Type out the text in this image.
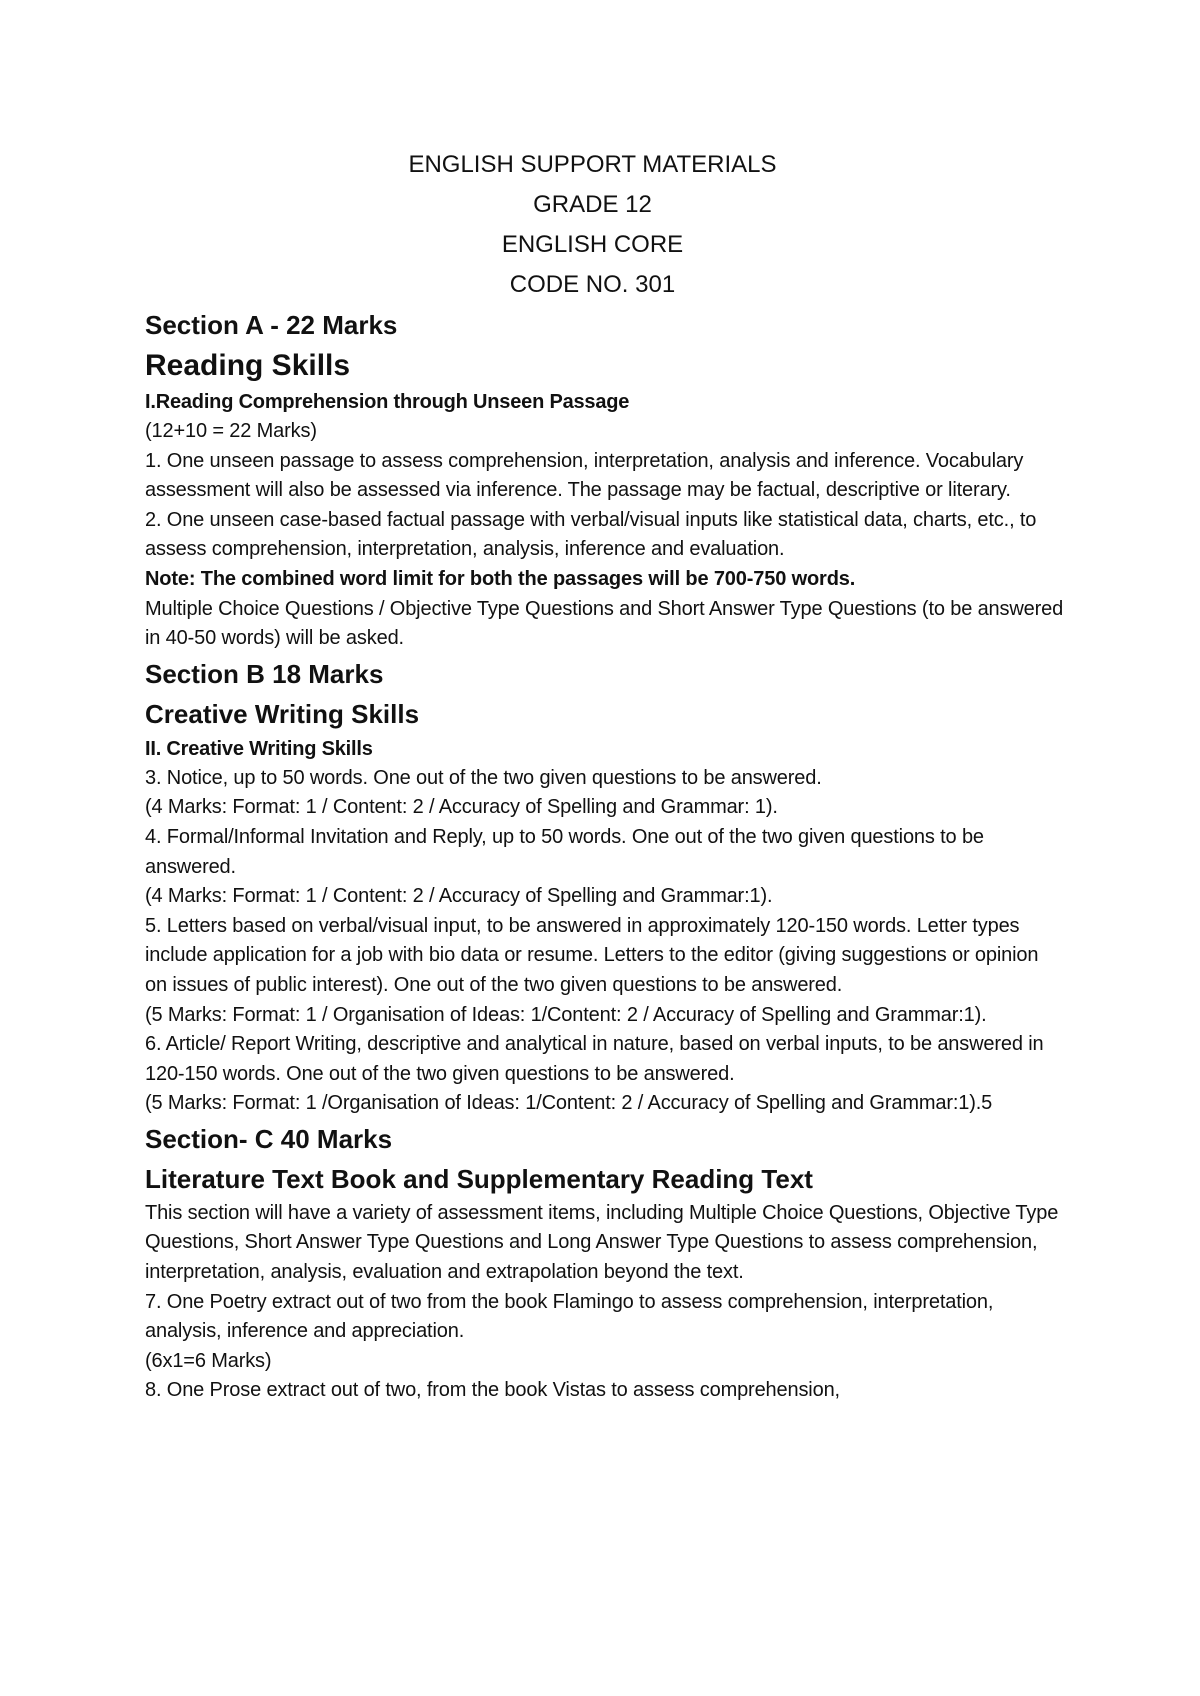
ENGLISH SUPPORT MATERIALS

GRADE 12

ENGLISH CORE

CODE NO. 301

Section A - 22 Marks

Reading Skills

I.Reading Comprehension through Unseen Passage

(12+10 = 22 Marks)

1. One unseen passage to assess comprehension, interpretation, analysis and inference. Vocabulary assessment will also be assessed via inference. The passage may be factual, descriptive or literary.

2. One unseen case-based factual passage with verbal/visual inputs like statistical data, charts, etc., to assess comprehension, interpretation, analysis, inference and evaluation.

Note: The combined word limit for both the passages will be 700-750 words.

Multiple Choice Questions / Objective Type Questions and Short Answer Type Questions (to be answered in 40-50 words) will be asked.

Section B 18 Marks

Creative Writing Skills

II. Creative Writing Skills

3. Notice, up to 50 words. One out of the two given questions to be answered.

(4 Marks: Format: 1 / Content: 2 / Accuracy of Spelling and Grammar: 1).

4. Formal/Informal Invitation and Reply, up to 50 words. One out of the two given questions to be answered.

(4 Marks: Format: 1 / Content: 2 / Accuracy of Spelling and Grammar:1).

5. Letters based on verbal/visual input, to be answered in approximately 120-150 words. Letter types include application for a job with bio data or resume. Letters to the editor (giving suggestions or opinion on issues of public interest). One out of the two given questions to be answered.

(5 Marks: Format: 1 / Organisation of Ideas: 1/Content: 2 / Accuracy of Spelling and Grammar:1).

6. Article/ Report Writing, descriptive and analytical in nature, based on verbal inputs, to be answered in 120-150 words. One out of the two given questions to be answered.

(5 Marks: Format: 1 /Organisation of Ideas: 1/Content: 2 / Accuracy of Spelling and Grammar:1).5

Section- C 40 Marks

Literature Text Book and Supplementary Reading Text

This section will have a variety of assessment items, including Multiple Choice Questions, Objective Type Questions, Short Answer Type Questions and Long Answer Type Questions to assess comprehension, interpretation, analysis, evaluation and extrapolation beyond the text.

7. One Poetry extract out of two from the book Flamingo to assess comprehension, interpretation, analysis, inference and appreciation.

(6x1=6 Marks)

8. One Prose extract out of two, from the book Vistas to assess comprehension,
